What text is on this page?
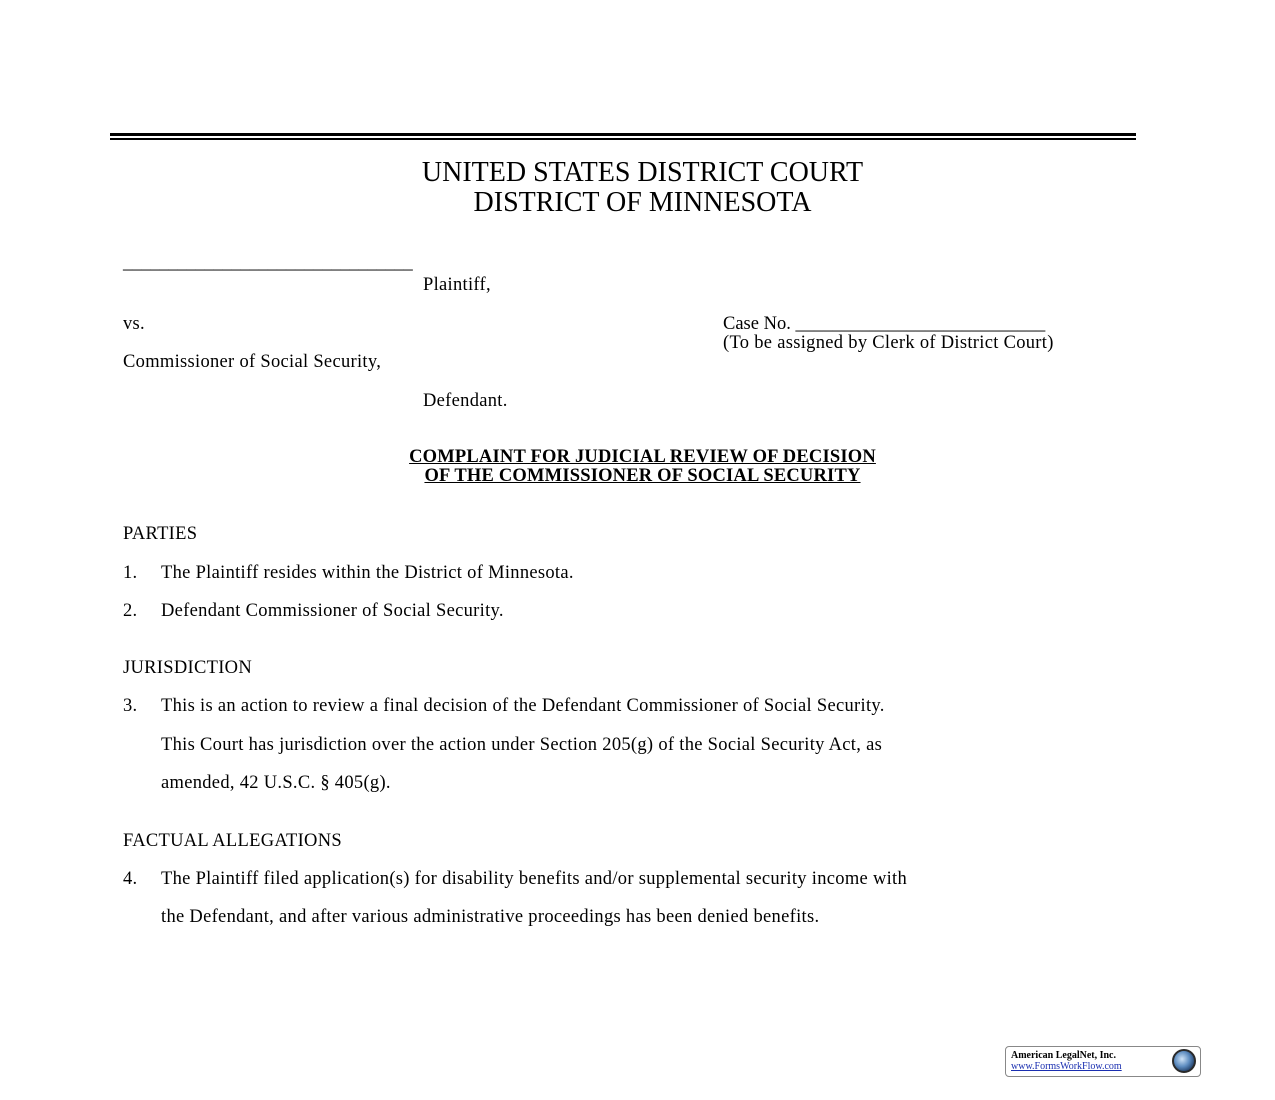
UNITED STATES DISTRICT COURT
DISTRICT OF MINNESOTA
________________________________
Plaintiff,
vs.
Commissioner of Social Security,
Defendant.
Case No. ___________________________
(To be assigned by Clerk of District Court)
COMPLAINT FOR JUDICIAL REVIEW OF DECISION
OF THE COMMISSIONER OF SOCIAL SECURITY
PARTIES
1. The Plaintiff resides within the District of Minnesota.
2. Defendant Commissioner of Social Security.
JURISDICTION
3. This is an action to review a final decision of the Defendant Commissioner of Social Security.
This Court has jurisdiction over the action under Section 205(g) of the Social Security Act, as
amended, 42 U.S.C. § 405(g).
FACTUAL ALLEGATIONS
4. The Plaintiff filed application(s) for disability benefits and/or supplemental security income with
the Defendant, and after various administrative proceedings has been denied benefits.
American LegalNet, Inc.
www.FormsWorkFlow.com
